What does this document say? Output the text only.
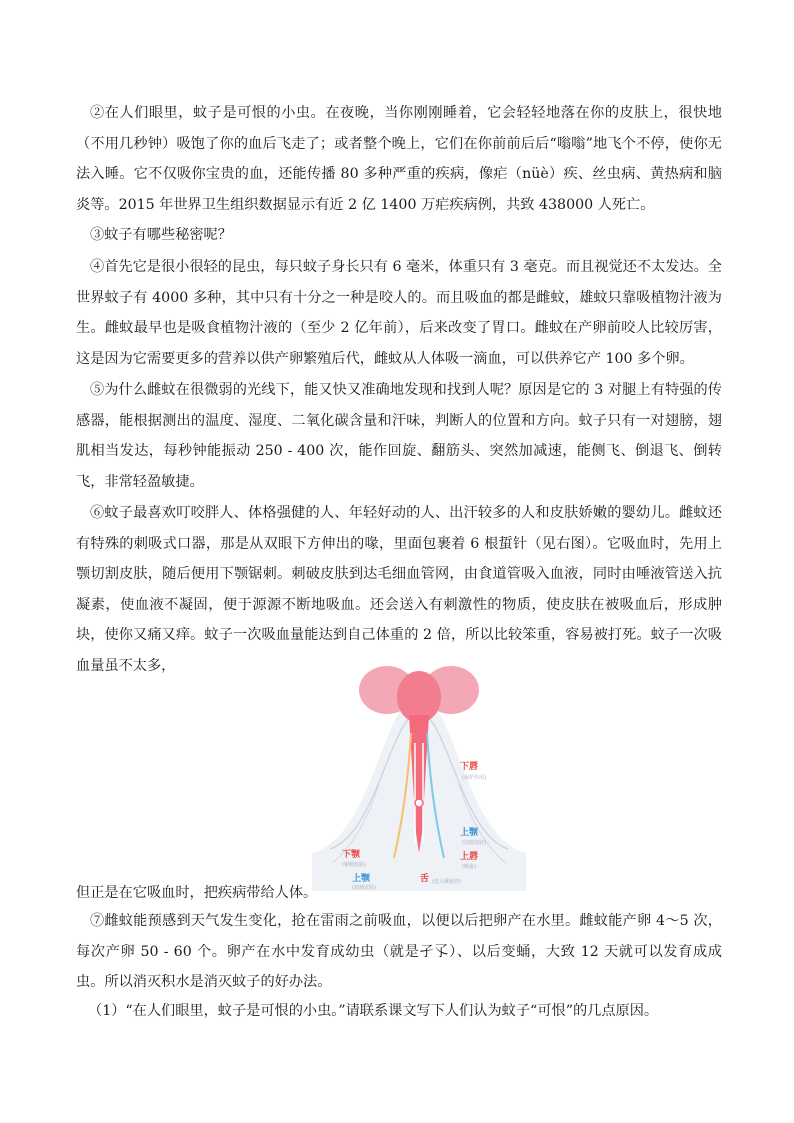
②在人们眼里，蚊子是可恨的小虫。在夜晚，当你刚刚睡着，它会轻轻地落在你的皮肤上，很快地（不用几秒钟）吸饱了你的血后飞走了；或者整个晚上，它们在你前前后后“嗡嗡”地飞个不停，使你无法入睡。它不仅吸你宝贵的血，还能传播 80 多种严重的疾病，像疟（nüè）疾、丝虫病、黄热病和脑炎等。2015 年世界卫生组织数据显示有近 2 亿 1400 万疟疾病例，共致 438000 人死亡。

③蚊子有哪些秘密呢？

④首先它是很小很轻的昆虫，每只蚊子身长只有 6 毫米，体重只有 3 毫克。而且视觉还不太发达。全世界蚊子有 4000 多种，其中只有十分之一种是咬人的。而且吸血的都是雌蚊，雄蚊只靠吸植物汁液为生。雌蚊最早也是吸食植物汁液的（至少 2 亿年前），后来改变了胃口。雌蚊在产卵前咬人比较厉害，这是因为它需要更多的营养以供产卵繁殖后代，雌蚊从人体吸一滴血，可以供养它产 100 多个卵。

⑤为什么雌蚊在很微弱的光线下，能又快又准确地发现和找到人呢？原因是它的 3 对腿上有特强的传感器，能根据测出的温度、湿度、二氧化碳含量和汗味，判断人的位置和方向。蚊子只有一对翅膀，翅肌相当发达，每秒钟能振动 250 - 400 次，能作回旋、翻筋头、突然加减速，能侧飞、倒退飞、倒转飞，非常轻盈敏捷。

⑥蚊子最喜欢叮咬胖人、体格强健的人、年轻好动的人、出汗较多的人和皮肤娇嫩的婴幼儿。雌蚊还有特殊的刺吸式口器，那是从双眼下方伸出的喙，里面包裹着 6 根蜇针（见右图）。它吸血时，先用上颚切割皮肤，随后便用下颚锯刺。刺破皮肤到达毛细血管网，由食道管吸入血液，同时由唾液管送入抗凝素，使血液不凝固，便于源源不断地吸血。还会送入有刺激性的物质，使皮肤在被吸血后，形成肿块，使你又痛又痒。蚊子一次吸血量能达到自己体重的 2 倍，所以比较笨重，容易被打死。蚊子一次吸血量虽不太多，

下唇
(保护作用)
上颚
(切割皮肤)
上唇
(吸血)
下颚
(锯刺皮肤)
上颚
(切割皮肤)
舌 (送入唾液管)

但正是在它吸血时，把疾病带给人体。

⑦雌蚊能预感到天气发生变化，抢在雷雨之前吸血，以便以后把卵产在水里。雌蚊能产卵 4～5 次，每次产卵 50 - 60 个。卵产在水中发育成幼虫（就是孑孓）、以后变蛹，大致 12 天就可以发育成成虫。所以消灭积水是消灭蚊子的好办法。

（1）“在人们眼里，蚊子是可恨的小虫。”请联系课文写下人们认为蚊子“可恨”的几点原因。
